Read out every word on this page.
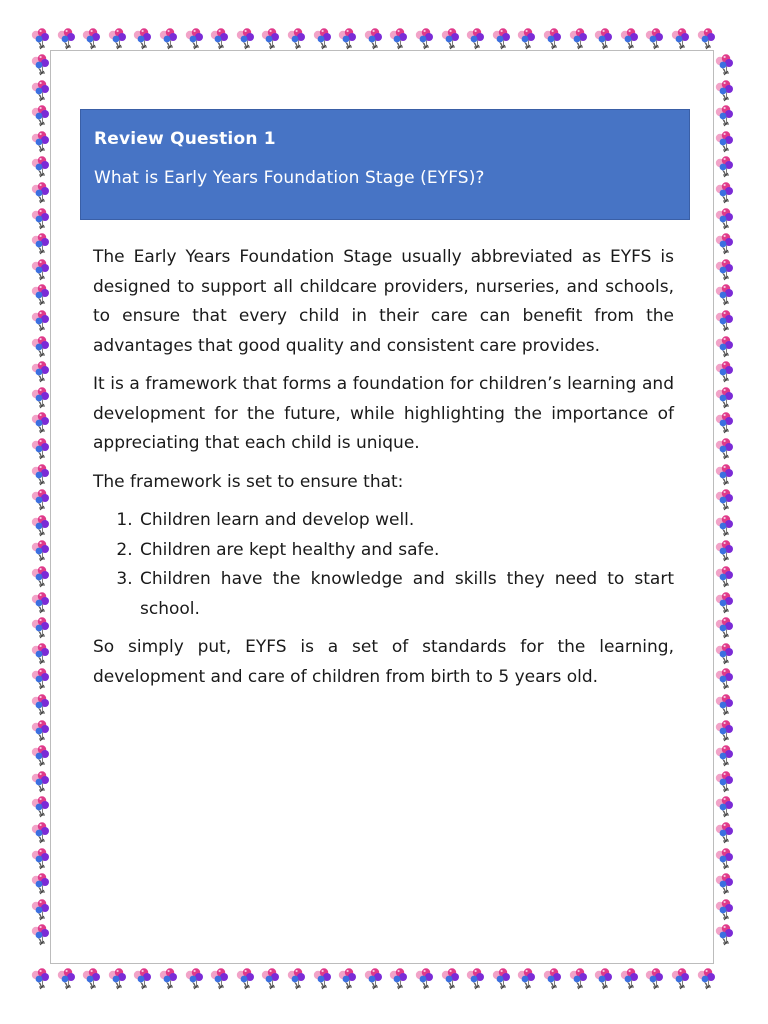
Review Question 1
What is Early Years Foundation Stage (EYFS)?

The Early Years Foundation Stage usually abbreviated as EYFS is designed to support all childcare providers, nurseries, and schools, to ensure that every child in their care can benefit from the advantages that good quality and consistent care provides.

It is a framework that forms a foundation for children’s learning and development for the future, while highlighting the importance of appreciating that each child is unique.

The framework is set to ensure that:

1. Children learn and develop well.
2. Children are kept healthy and safe.
3. Children have the knowledge and skills they need to start school.

So simply put, EYFS is a set of standards for the learning, development and care of children from birth to 5 years old.
